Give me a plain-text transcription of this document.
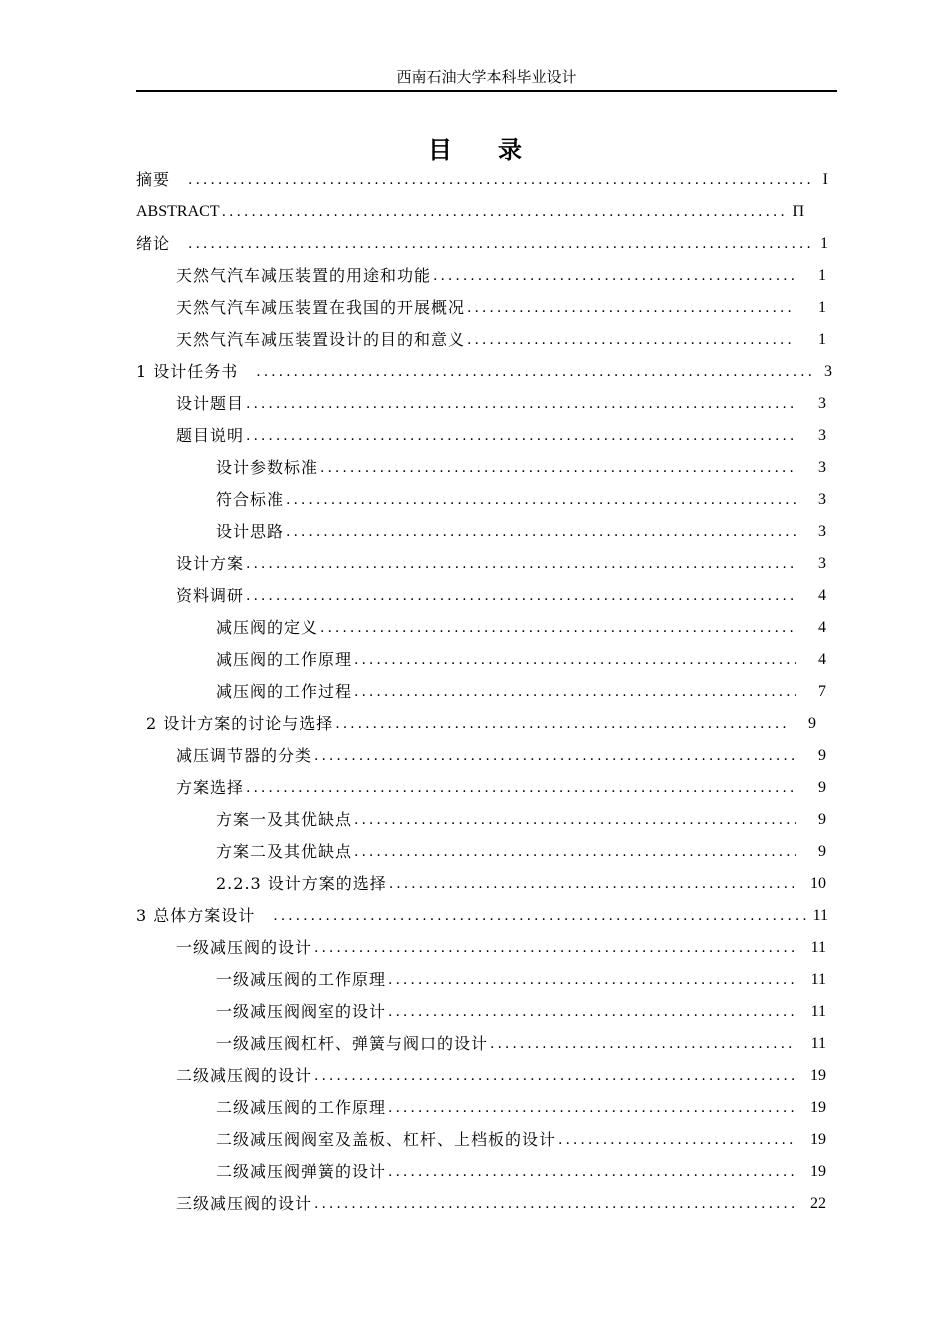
西南石油大学本科毕业设计
目录
摘要 .....	I
ABSTRACT .....	П
绪论 .....	1
天然气汽车减压装置的用途和功能 .....	1
天然气汽车减压装置在我国的开展概况 .....	1
天然气汽车减压装置设计的目的和意义 .....	1
1 设计任务书 .....	3
设计题目 .....	3
题目说明 .....	3
设计参数标准 .....	3
符合标准 .....	3
设计思路 .....	3
设计方案 .....	3
资料调研 .....	4
减压阀的定义 .....	4
减压阀的工作原理 .....	4
减压阀的工作过程 .....	7
2 设计方案的讨论与选择 .....	9
减压调节器的分类 .....	9
方案选择 .....	9
方案一及其优缺点 .....	9
方案二及其优缺点 .....	9
2.2.3 设计方案的选择 .....	10
3 总体方案设计 .....	11
一级减压阀的设计 .....	11
一级减压阀的工作原理 .....	11
一级减压阀阀室的设计 .....	11
一级减压阀杠杆、弹簧与阀口的设计 .....	11
二级减压阀的设计 .....	19
二级减压阀的工作原理 .....	19
二级减压阀阀室及盖板、杠杆、上档板的设计 .....	19
二级减压阀弹簧的设计 .....	19
三级减压阀的设计 .....	22
